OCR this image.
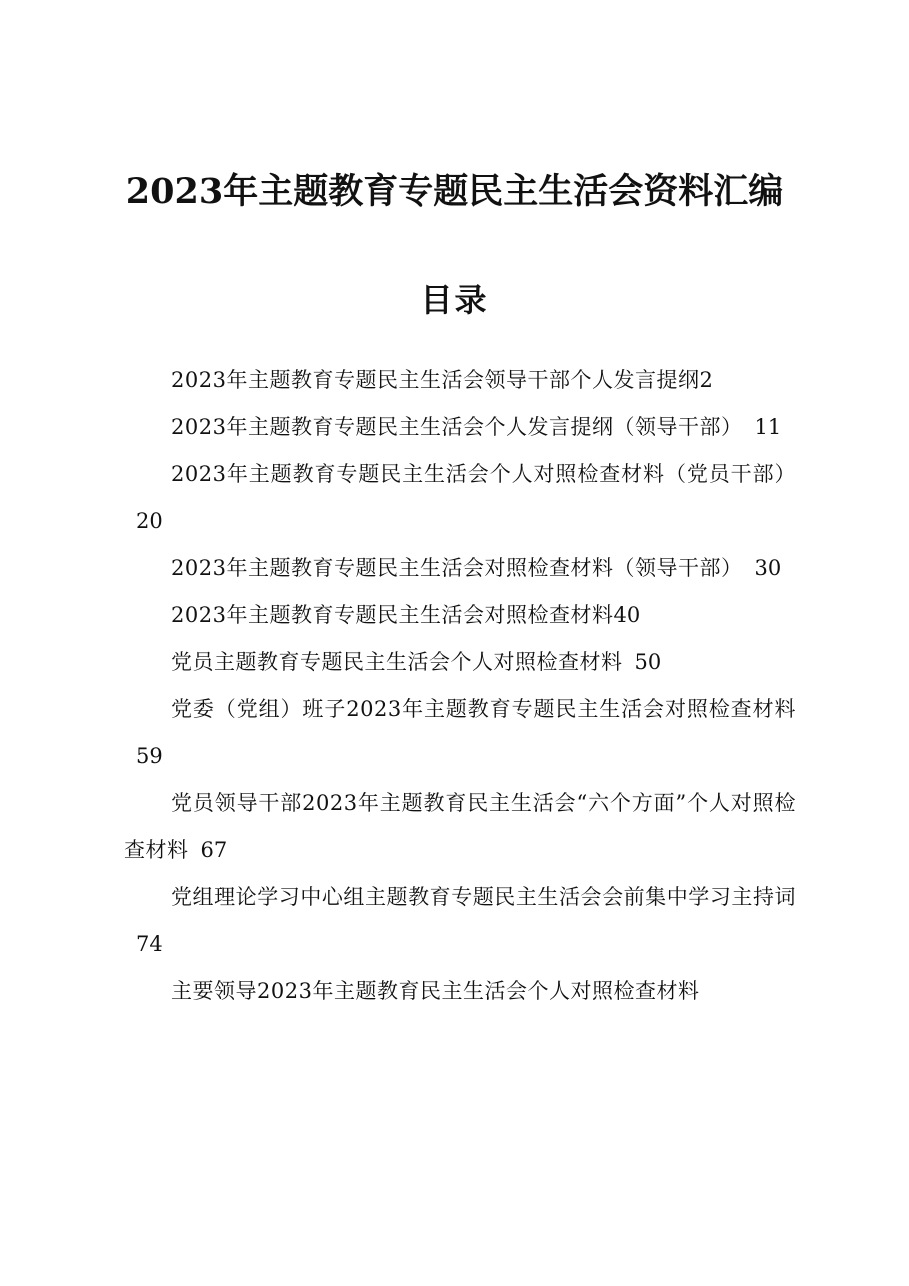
2023年主题教育专题民主生活会资料汇编
目录

2023年主题教育专题民主生活会领导干部个人发言提纲2

2023年主题教育专题民主生活会个人发言提纲（领导干部） 11

2023年主题教育专题民主生活会个人对照检查材料（党员干部）20

2023年主题教育专题民主生活会对照检查材料（领导干部） 30

2023年主题教育专题民主生活会对照检查材料40

党员主题教育专题民主生活会个人对照检查材料 50

党委（党组）班子2023年主题教育专题民主生活会对照检查材料59

党员领导干部2023年主题教育民主生活会“六个方面”个人对照检查材料 67

党组理论学习中心组主题教育专题民主生活会会前集中学习主持词74

主要领导2023年主题教育民主生活会个人对照检查材料
